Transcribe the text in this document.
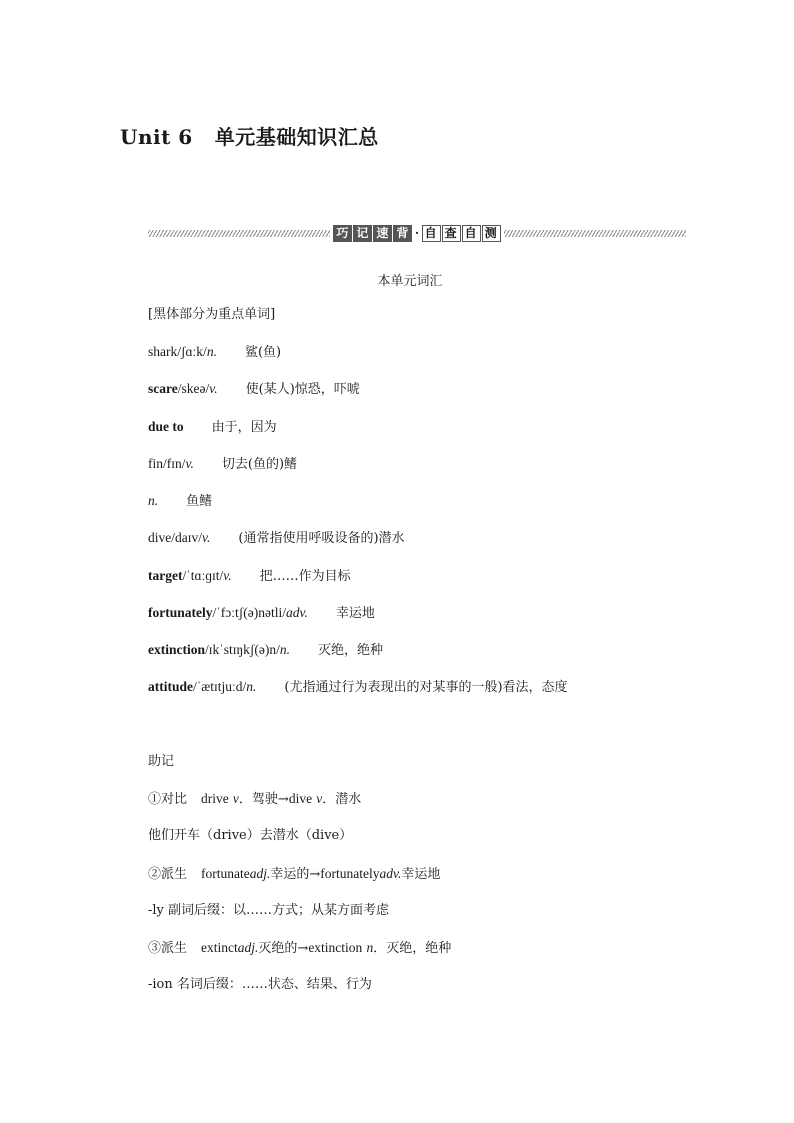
Unit 6 单元基础知识汇总
巧 记 速 背 · 自 查 自 测
本单元词汇
[黑体部分为重点单词]
shark/ʃɑːk/n. 鲨(鱼)
scare/skeə/v. 使(某人)惊恐，吓唬
due to 由于，因为
fin/fɪn/v. 切去(鱼的)鳍
n. 鱼鳍
dive/daɪv/v. (通常指使用呼吸设备的)潜水
target/ˈtɑːɡɪt/v. 把……作为目标
fortunately/ˈfɔːtʃ(ə)nətli/adv. 幸运地
extinction/ɪkˈstɪŋkʃ(ə)n/n. 灭绝，绝种
attitude/ˈætɪtjuːd/n. (尤指通过行为表现出的对某事的一般)看法，态度
助记
①对比 drive v．驾驶→dive v．潜水
他们开车（drive）去潜水（dive）
②派生 fortunateadj.幸运的→fortunatelyadv.幸运地
-ly 副词后缀：以……方式；从某方面考虑
③派生 extinctadj.灭绝的→extinction n．灭绝，绝种
-ion 名词后缀：……状态、结果、行为
